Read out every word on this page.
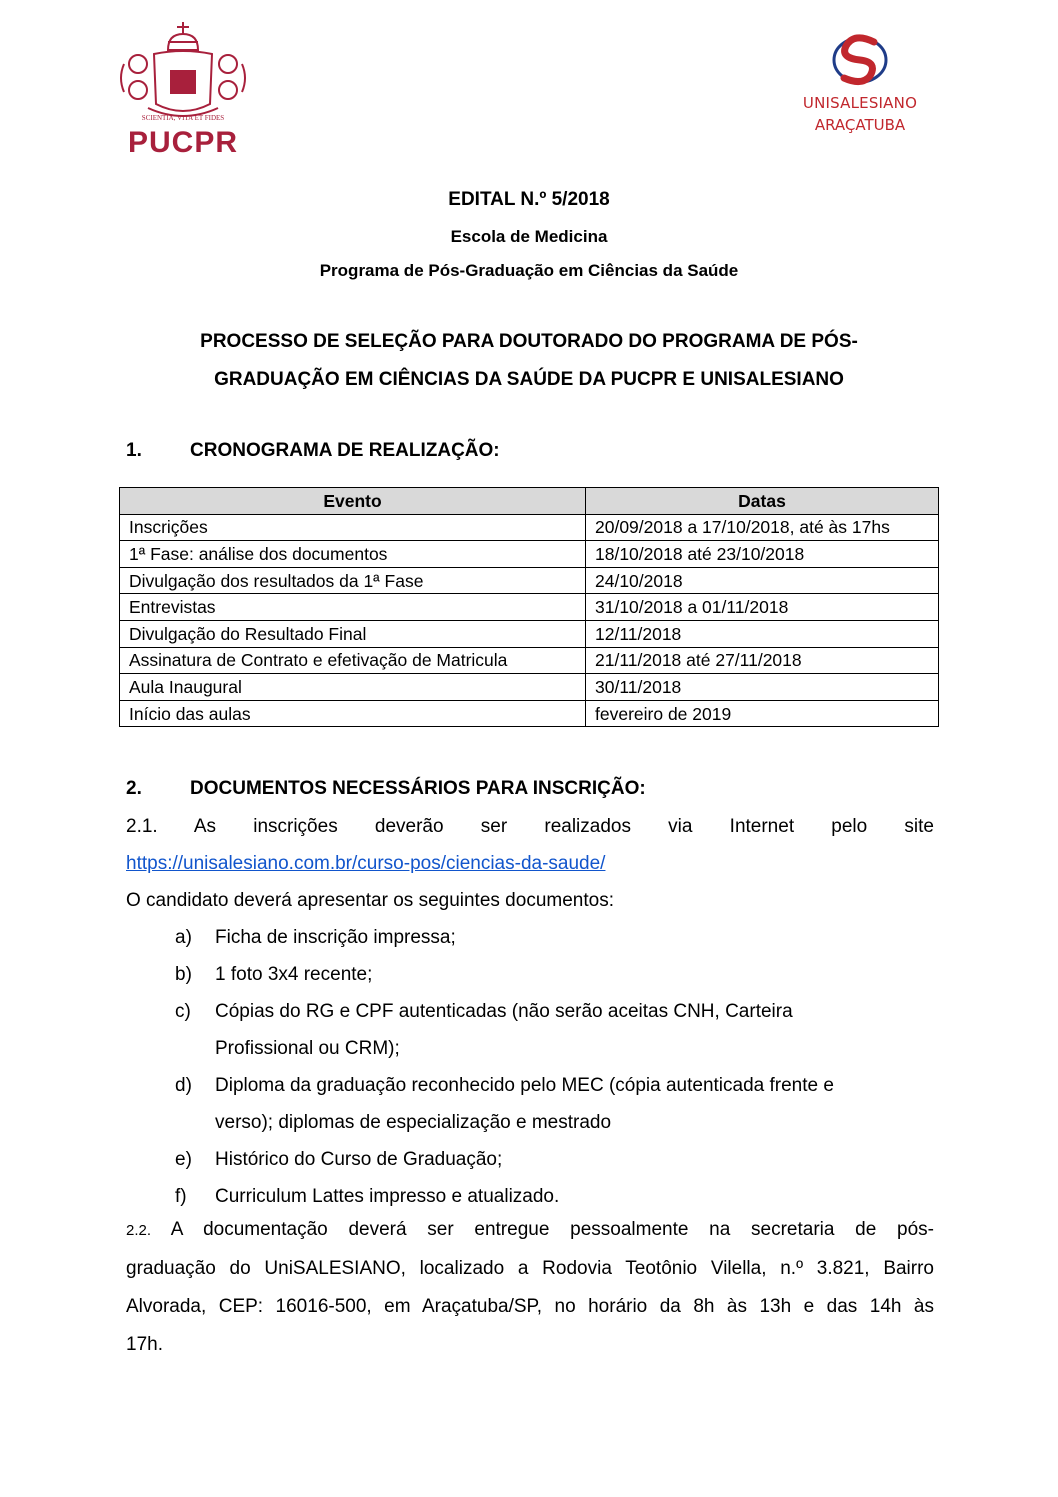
SCIENTIA, VITA ET FIDES
PUCPR
UNISALESIANO
ARAÇATUBA
EDITAL N.º 5/2018
Escola de Medicina
Programa de Pós-Graduação em Ciências da Saúde
PROCESSO DE SELEÇÃO PARA DOUTORADO DO PROGRAMA DE PÓS-
GRADUAÇÃO EM CIÊNCIAS DA SAÚDE DA PUCPR E UNISALESIANO
1.	CRONOGRAMA DE REALIZAÇÃO:
Evento	Datas
Inscrições	20/09/2018 a 17/10/2018, até às 17hs
1ª Fase: análise dos documentos	18/10/2018 até 23/10/2018
Divulgação dos resultados da 1ª Fase	24/10/2018
Entrevistas	31/10/2018 a 01/11/2018
Divulgação do Resultado Final	12/11/2018
Assinatura de Contrato e efetivação de Matricula	21/11/2018 até 27/11/2018
Aula Inaugural	30/11/2018
Início das aulas	fevereiro de 2019
2.	DOCUMENTOS NECESSÁRIOS PARA INSCRIÇÃO:
2.1. As inscrições deverão ser realizados via Internet pelo site
https://unisalesiano.com.br/curso-pos/ciencias-da-saude/
O candidato deverá apresentar os seguintes documentos:
a) Ficha de inscrição impressa;
b) 1 foto 3x4 recente;
c) Cópias do RG e CPF autenticadas (não serão aceitas CNH, Carteira
Profissional ou CRM);
d) Diploma da graduação reconhecido pelo MEC (cópia autenticada frente e
verso); diplomas de especialização e mestrado
e) Histórico do Curso de Graduação;
f) Curriculum Lattes impresso e atualizado.
2.2. A documentação deverá ser entregue pessoalmente na secretaria de pós-
graduação do UniSALESIANO, localizado a Rodovia Teotônio Vilella, n.º 3.821, Bairro
Alvorada, CEP: 16016-500, em Araçatuba/SP, no horário da 8h às 13h e das 14h às
17h.
